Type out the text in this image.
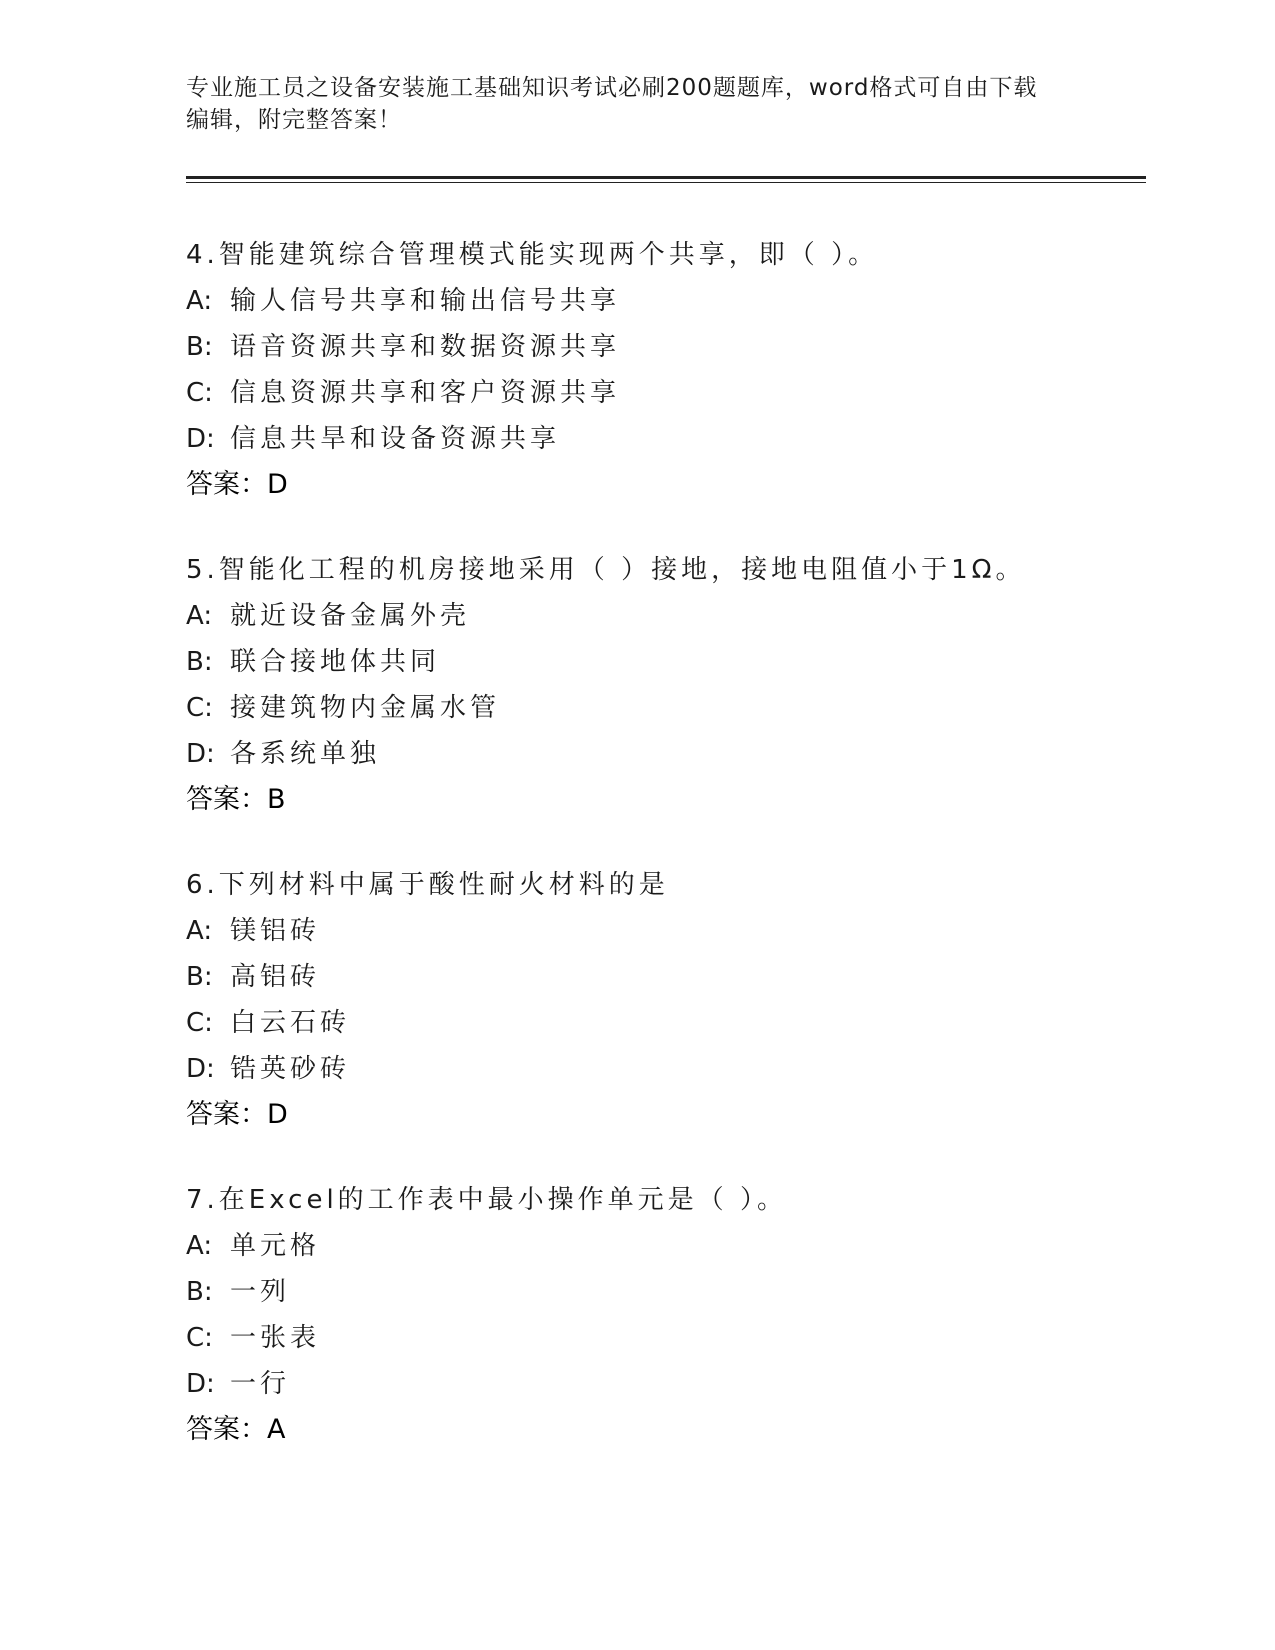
专业施工员之设备安装施工基础知识考试必刷200题题库，word格式可自由下载
编辑，附完整答案！
4.智能建筑综合管理模式能实现两个共享，即（ ）。
A: 输人信号共享和输出信号共享
B: 语音资源共享和数据资源共享
C: 信息资源共享和客户资源共享
D: 信息共旱和设备资源共享
答案：D
5.智能化工程的机房接地采用（ ）接地，接地电阻值小于1Ω。
A: 就近设备金属外壳
B: 联合接地体共同
C: 接建筑物内金属水管
D: 各系统单独
答案：B
6.下列材料中属于酸性耐火材料的是
A: 镁铝砖
B: 高铝砖
C: 白云石砖
D: 锆英砂砖
答案：D
7.在Excel的工作表中最小操作单元是（ ）。
A: 单元格
B: 一列
C: 一张表
D: 一行
答案：A
